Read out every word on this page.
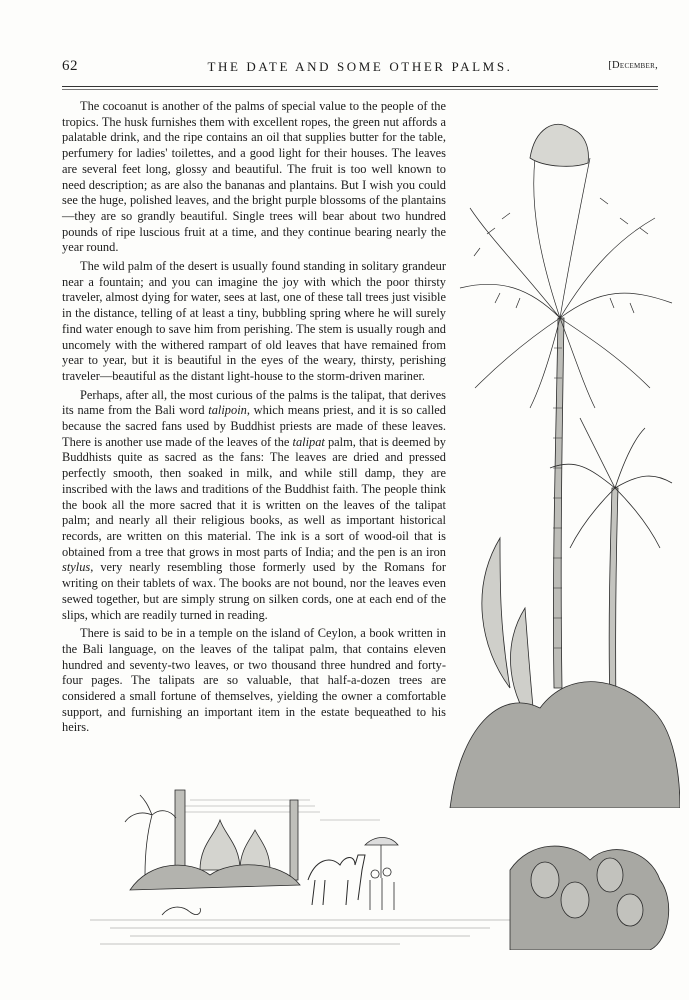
62	THE DATE AND SOME OTHER PALMS.	[December,

The cocoanut is another of the palms of special value to the people of the tropics. The husk furnishes them with excellent ropes, the green nut affords a palatable drink, and the ripe contains an oil that supplies butter for the table, perfumery for ladies' toilettes, and a good light for their houses. The leaves are several feet long, glossy and beautiful. The fruit is too well known to need description; as are also the bananas and plantains. But I wish you could see the huge, polished leaves, and the bright purple blossoms of the plantains—they are so grandly beautiful. Single trees will bear about two hundred pounds of ripe luscious fruit at a time, and they continue bearing nearly the year round.

The wild palm of the desert is usually found standing in solitary grandeur near a fountain; and you can imagine the joy with which the poor thirsty traveler, almost dying for water, sees at last, one of these tall trees just visible in the distance, telling of at least a tiny, bubbling spring where he will surely find water enough to save him from perishing. The stem is usually rough and uncomely with the withered rampart of old leaves that have remained from year to year, but it is beautiful in the eyes of the weary, thirsty, perishing traveler—beautiful as the distant light-house to the storm-driven mariner.

Perhaps, after all, the most curious of the palms is the talipat, that derives its name from the Bali word talipoin, which means priest, and it is so called because the sacred fans used by Buddhist priests are made of these leaves. There is another use made of the leaves of the talipat palm, that is deemed by Buddhists quite as sacred as the fans: The leaves are dried and pressed perfectly smooth, then soaked in milk, and while still damp, they are inscribed with the laws and traditions of the Buddhist faith. The people think the book all the more sacred that it is written on the leaves of the talipat palm; and nearly all their religious books, as well as important historical records, are written on this material. The ink is a sort of wood-oil that is obtained from a tree that grows in most parts of India; and the pen is an iron stylus, very nearly resembling those formerly used by the Romans for writing on their tablets of wax. The books are not bound, nor the leaves even sewed together, but are simply strung on silken cords, one at each end of the slips, which are readily turned in reading.

There is said to be in a temple on the island of Ceylon, a book written in the Bali language, on the leaves of the talipat palm, that contains eleven hundred and seventy-two leaves, or two thousand three hundred and forty-four pages. The talipats are so valuable, that half-a-dozen trees are considered a small fortune of themselves, yielding the owner a comfortable support, and furnishing an important item in the estate bequeathed to his heirs.
